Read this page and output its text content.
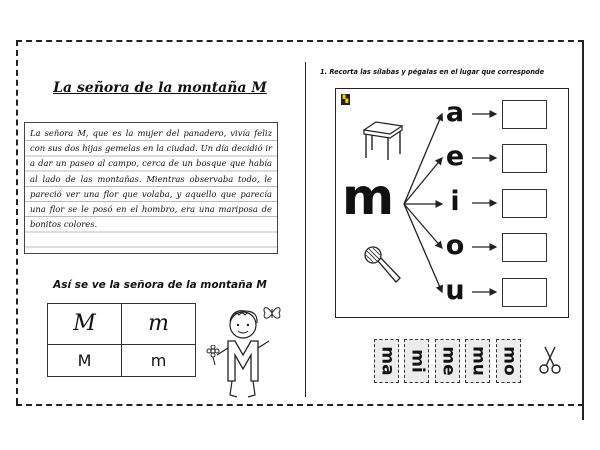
La señora de la montaña M
La señora M, que es la mujer del panadero, vivía feliz con sus dos hijas gemelas en la ciudad. Un día decidió ir a dar un paseo al campo, cerca de un bosque que había al lado de las montañas. Mientras observaba todo, le pareció ver una flor que volaba, y aquello que parecía una flor se le posó en el hombro, era una mariposa de bonitos colores.
Así se ve la señora de la montaña M
M	m
M	m
1. Recorta las sílabas y pégalas en el lugar que corresponde
▚
m
a
e
i
o
u
ma mi me mu mo
